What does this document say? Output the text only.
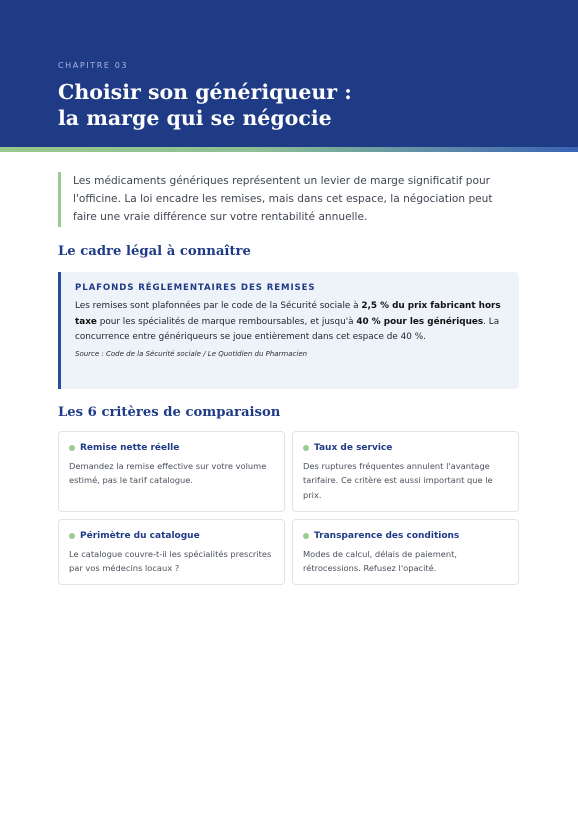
CHAPITRE 03
Choisir son génériqueur :
la marge qui se négocie
Les médicaments génériques représentent un levier de marge significatif pour l'officine. La loi encadre les remises, mais dans cet espace, la négociation peut faire une vraie différence sur votre rentabilité annuelle.
Le cadre légal à connaître
PLAFONDS RÉGLEMENTAIRES DES REMISES
Les remises sont plafonnées par le code de la Sécurité sociale à 2,5 % du prix fabricant hors taxe pour les spécialités de marque remboursables, et jusqu'à 40 % pour les génériques. La concurrence entre génériqueurs se joue entièrement dans cet espace de 40 %.
Source : Code de la Sécurité sociale / Le Quotidien du Pharmacien
Les 6 critères de comparaison
Remise nette réelle
Demandez la remise effective sur votre volume estimé, pas le tarif catalogue.
Taux de service
Des ruptures fréquentes annulent l'avantage tarifaire. Ce critère est aussi important que le prix.
Périmètre du catalogue
Le catalogue couvre-t-il les spécialités prescrites par vos médecins locaux ?
Transparence des conditions
Modes de calcul, délais de paiement, rétrocessions. Refusez l'opacité.
